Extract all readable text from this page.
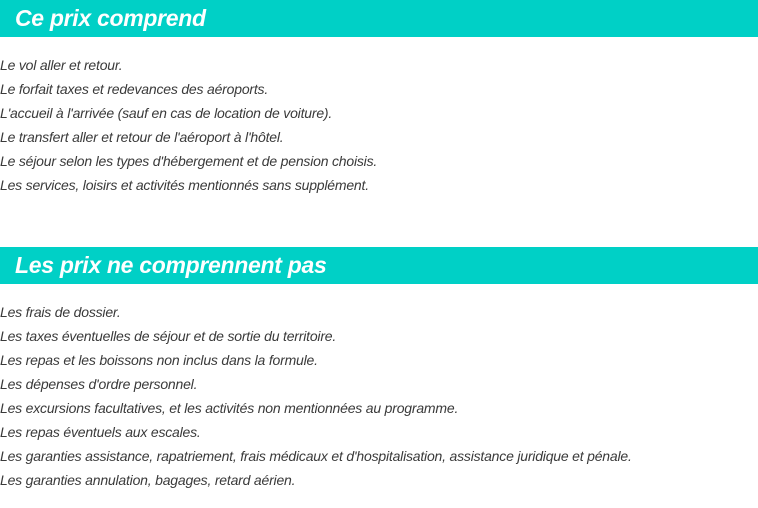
Ce prix comprend
Le vol aller et retour.
Le forfait taxes et redevances des aéroports.
L'accueil à l'arrivée (sauf en cas de location de voiture).
Le transfert aller et retour de l'aéroport à l'hôtel.
Le séjour selon les types d'hébergement et de pension choisis.
Les services, loisirs et activités mentionnés sans supplément.
Les prix ne comprennent pas
Les frais de dossier.
Les taxes éventuelles de séjour et de sortie du territoire.
Les repas et les boissons non inclus dans la formule.
Les dépenses d'ordre personnel.
Les excursions facultatives, et les activités non mentionnées au programme.
Les repas éventuels aux escales.
Les garanties assistance, rapatriement, frais médicaux et d'hospitalisation, assistance juridique et pénale.
Les garanties annulation, bagages, retard aérien.
